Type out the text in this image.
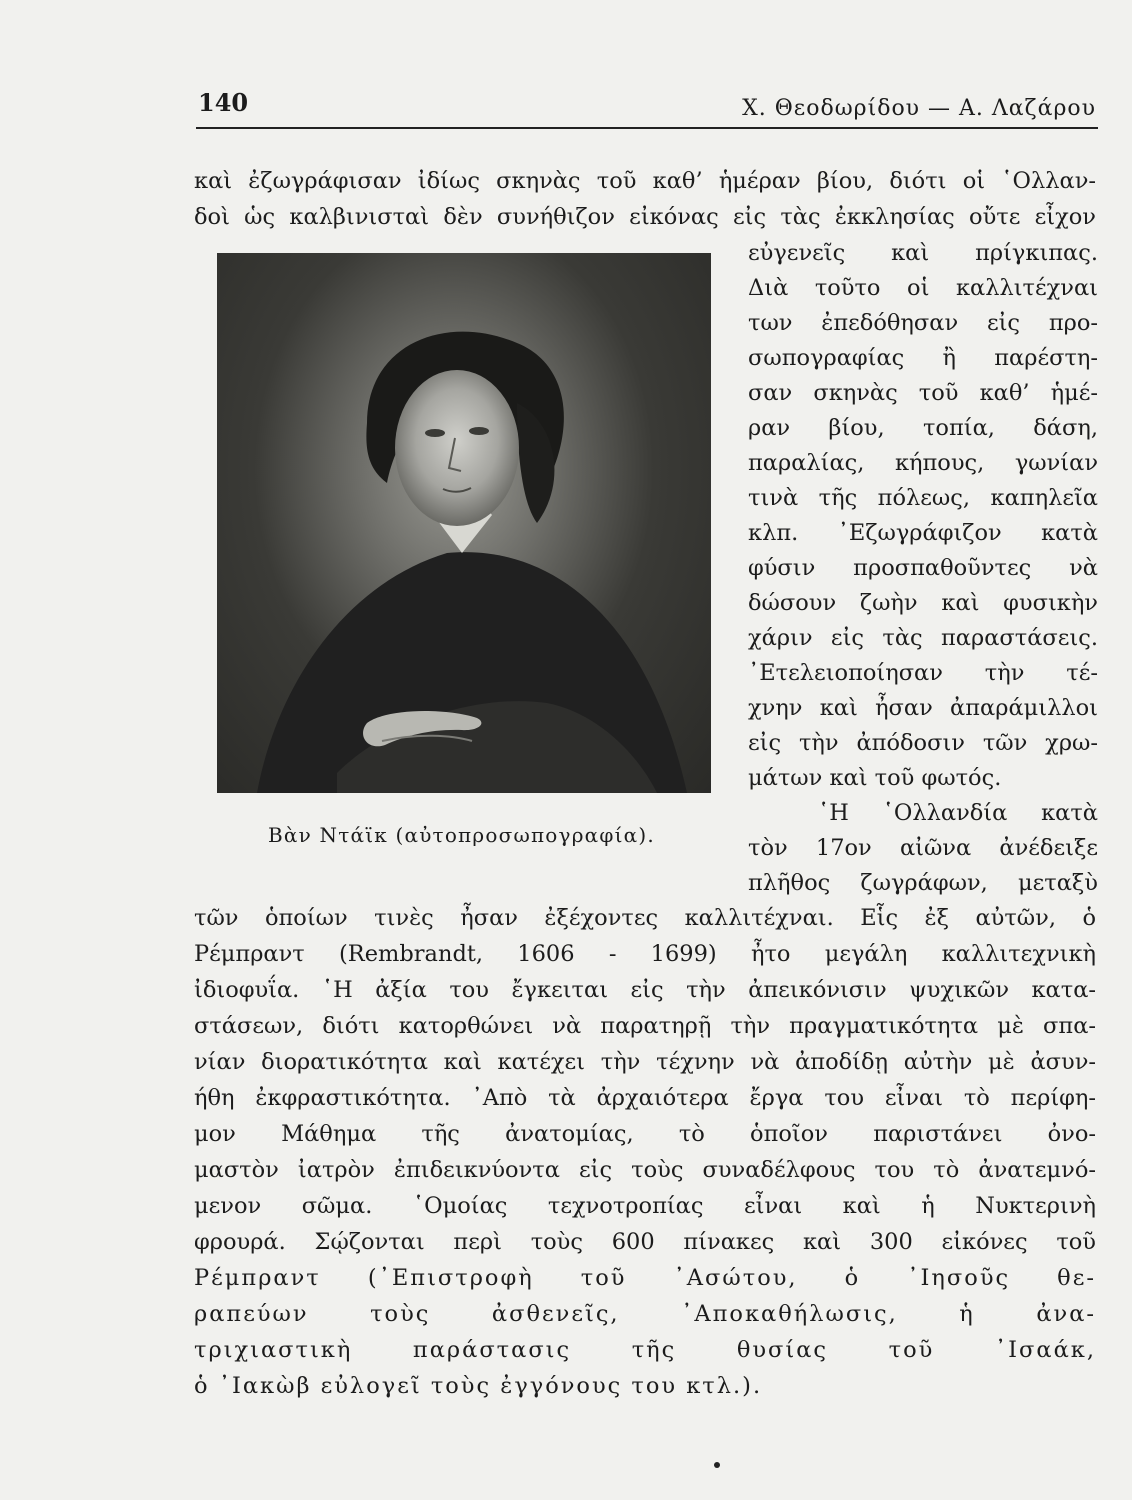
140	Χ. Θεοδωρίδου — Α. Λαζάρου
καὶ ἐζωγράφισαν ἰδίως σκηνὰς τοῦ καθ’ ἡμέραν βίου, διότι οἱ ῾Ολλαν-
δοὶ ὡς καλβινισταὶ δὲν συνήθιζον εἰκόνας εἰς τὰς ἐκκλησίας οὔτε εἶχον
εὐγενεῖς καὶ πρίγκιπας.
Διὰ τοῦτο οἱ καλλιτέχναι
των ἐπεδόθησαν εἰς προ-
σωπογραφίας ἢ παρέστη-
σαν σκηνὰς τοῦ καθ’ ἡμέ-
ραν βίου, τοπία, δάση,
παραλίας, κήπους, γωνίαν
τινὰ τῆς πόλεως, καπηλεῖα
κλπ. ᾿Εζωγράφιζον κατὰ
φύσιν προσπαθοῦντες νὰ
δώσουν ζωὴν καὶ φυσικὴν
χάριν εἰς τὰς παραστάσεις.
᾿Ετελειοποίησαν τὴν τέ-
χνην καὶ ἦσαν ἀπαράμιλλοι
εἰς τὴν ἀπόδοσιν τῶν χρω-
μάτων καὶ τοῦ φωτός.
῾Η ῾Ολλανδία κατὰ
τὸν 17ον αἰῶνα ἀνέδειξε
πλῆθος ζωγράφων, μεταξὺ
Βὰν Ντάϊκ (αὐτοπροσωπογραφία).
τῶν ὁποίων τινὲς ἦσαν ἐξέχοντες καλλιτέχναι. Εἷς ἐξ αὐτῶν, ὁ
Ρέμπραντ (Rembrandt, 1606 - 1699) ἦτο μεγάλη καλλιτεχνικὴ
ἰδιοφυΐα. ῾Η ἀξία του ἔγκειται εἰς τὴν ἀπεικόνισιν ψυχικῶν κατα-
στάσεων, διότι κατορθώνει νὰ παρατηρῇ τὴν πραγματικότητα μὲ σπα-
νίαν διορατικότητα καὶ κατέχει τὴν τέχνην νὰ ἀποδίδῃ αὐτὴν μὲ ἀσυν-
ήθη ἐκφραστικότητα. ᾿Απὸ τὰ ἀρχαιότερα ἔργα του εἶναι τὸ περίφη-
μον Μάθημα τῆς ἀνατομίας, τὸ ὁποῖον παριστάνει ὀνο-
μαστὸν ἰατρὸν ἐπιδεικνύοντα εἰς τοὺς συναδέλφους του τὸ ἀνατεμνό-
μενον σῶμα. ῾Ομοίας τεχνοτροπίας εἶναι καὶ ἡ Νυκτερινὴ
φρουρά. Σῴζονται περὶ τοὺς 600 πίνακες καὶ 300 εἰκόνες τοῦ
Ρέμπραντ (᾿Επιστροφὴ τοῦ ᾿Ασώτου, ὁ ᾿Ιησοῦς θε-
ραπεύων τοὺς ἀσθενεῖς, ᾿Αποκαθήλωσις, ἡ ἀνα-
τριχιαστικὴ παράστασις τῆς θυσίας τοῦ ᾿Ισαάκ,
ὁ ᾿Ιακὼβ εὐλογεῖ τοὺς ἐγγόνους του κτλ.).
